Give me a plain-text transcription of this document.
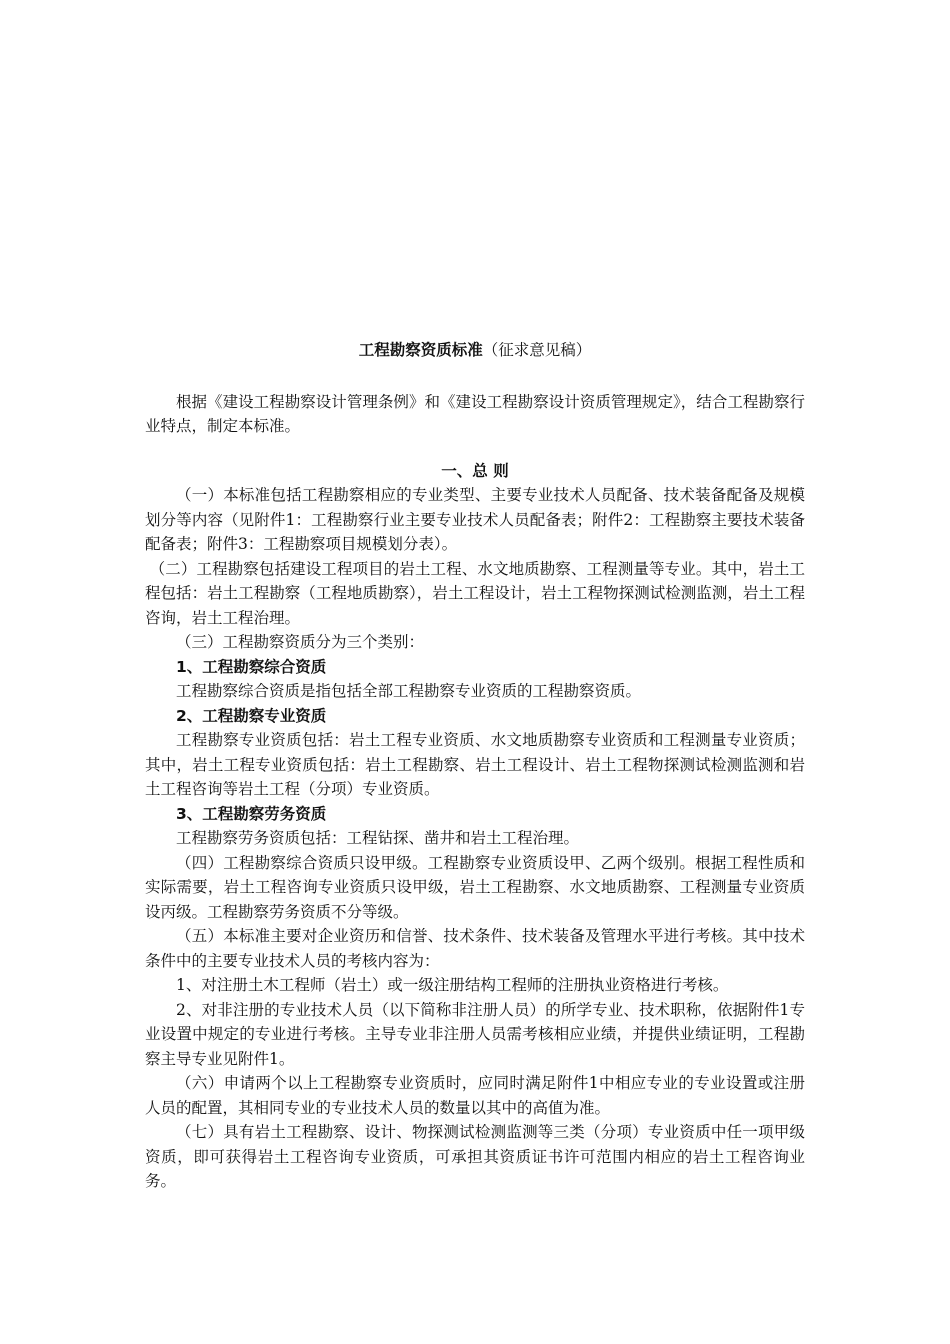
工程勘察资质标准（征求意见稿）

根据《建设工程勘察设计管理条例》和《建设工程勘察设计资质管理规定》，结合工程勘察行业特点，制定本标准。

一、总 则

（一）本标准包括工程勘察相应的专业类型、主要专业技术人员配备、技术装备配备及规模划分等内容（见附件1：工程勘察行业主要专业技术人员配备表；附件2：工程勘察主要技术装备配备表；附件3：工程勘察项目规模划分表）。

（二）工程勘察包括建设工程项目的岩土工程、水文地质勘察、工程测量等专业。其中，岩土工程包括：岩土工程勘察（工程地质勘察），岩土工程设计，岩土工程物探测试检测监测，岩土工程咨询，岩土工程治理。

（三）工程勘察资质分为三个类别：

1、工程勘察综合资质

工程勘察综合资质是指包括全部工程勘察专业资质的工程勘察资质。

2、工程勘察专业资质

工程勘察专业资质包括：岩土工程专业资质、水文地质勘察专业资质和工程测量专业资质；其中，岩土工程专业资质包括：岩土工程勘察、岩土工程设计、岩土工程物探测试检测监测和岩土工程咨询等岩土工程（分项）专业资质。

3、工程勘察劳务资质

工程勘察劳务资质包括：工程钻探、凿井和岩土工程治理。

（四）工程勘察综合资质只设甲级。工程勘察专业资质设甲、乙两个级别。根据工程性质和实际需要，岩土工程咨询专业资质只设甲级，岩土工程勘察、水文地质勘察、工程测量专业资质设丙级。工程勘察劳务资质不分等级。

（五）本标准主要对企业资历和信誉、技术条件、技术装备及管理水平进行考核。其中技术条件中的主要专业技术人员的考核内容为：

1、对注册土木工程师（岩土）或一级注册结构工程师的注册执业资格进行考核。

2、对非注册的专业技术人员（以下简称非注册人员）的所学专业、技术职称，依据附件1专业设置中规定的专业进行考核。主导专业非注册人员需考核相应业绩，并提供业绩证明，工程勘察主导专业见附件1。

（六）申请两个以上工程勘察专业资质时，应同时满足附件1中相应专业的专业设置或注册人员的配置，其相同专业的专业技术人员的数量以其中的高值为准。

（七）具有岩土工程勘察、设计、物探测试检测监测等三类（分项）专业资质中任一项甲级资质，即可获得岩土工程咨询专业资质，可承担其资质证书许可范围内相应的岩土工程咨询业务。
